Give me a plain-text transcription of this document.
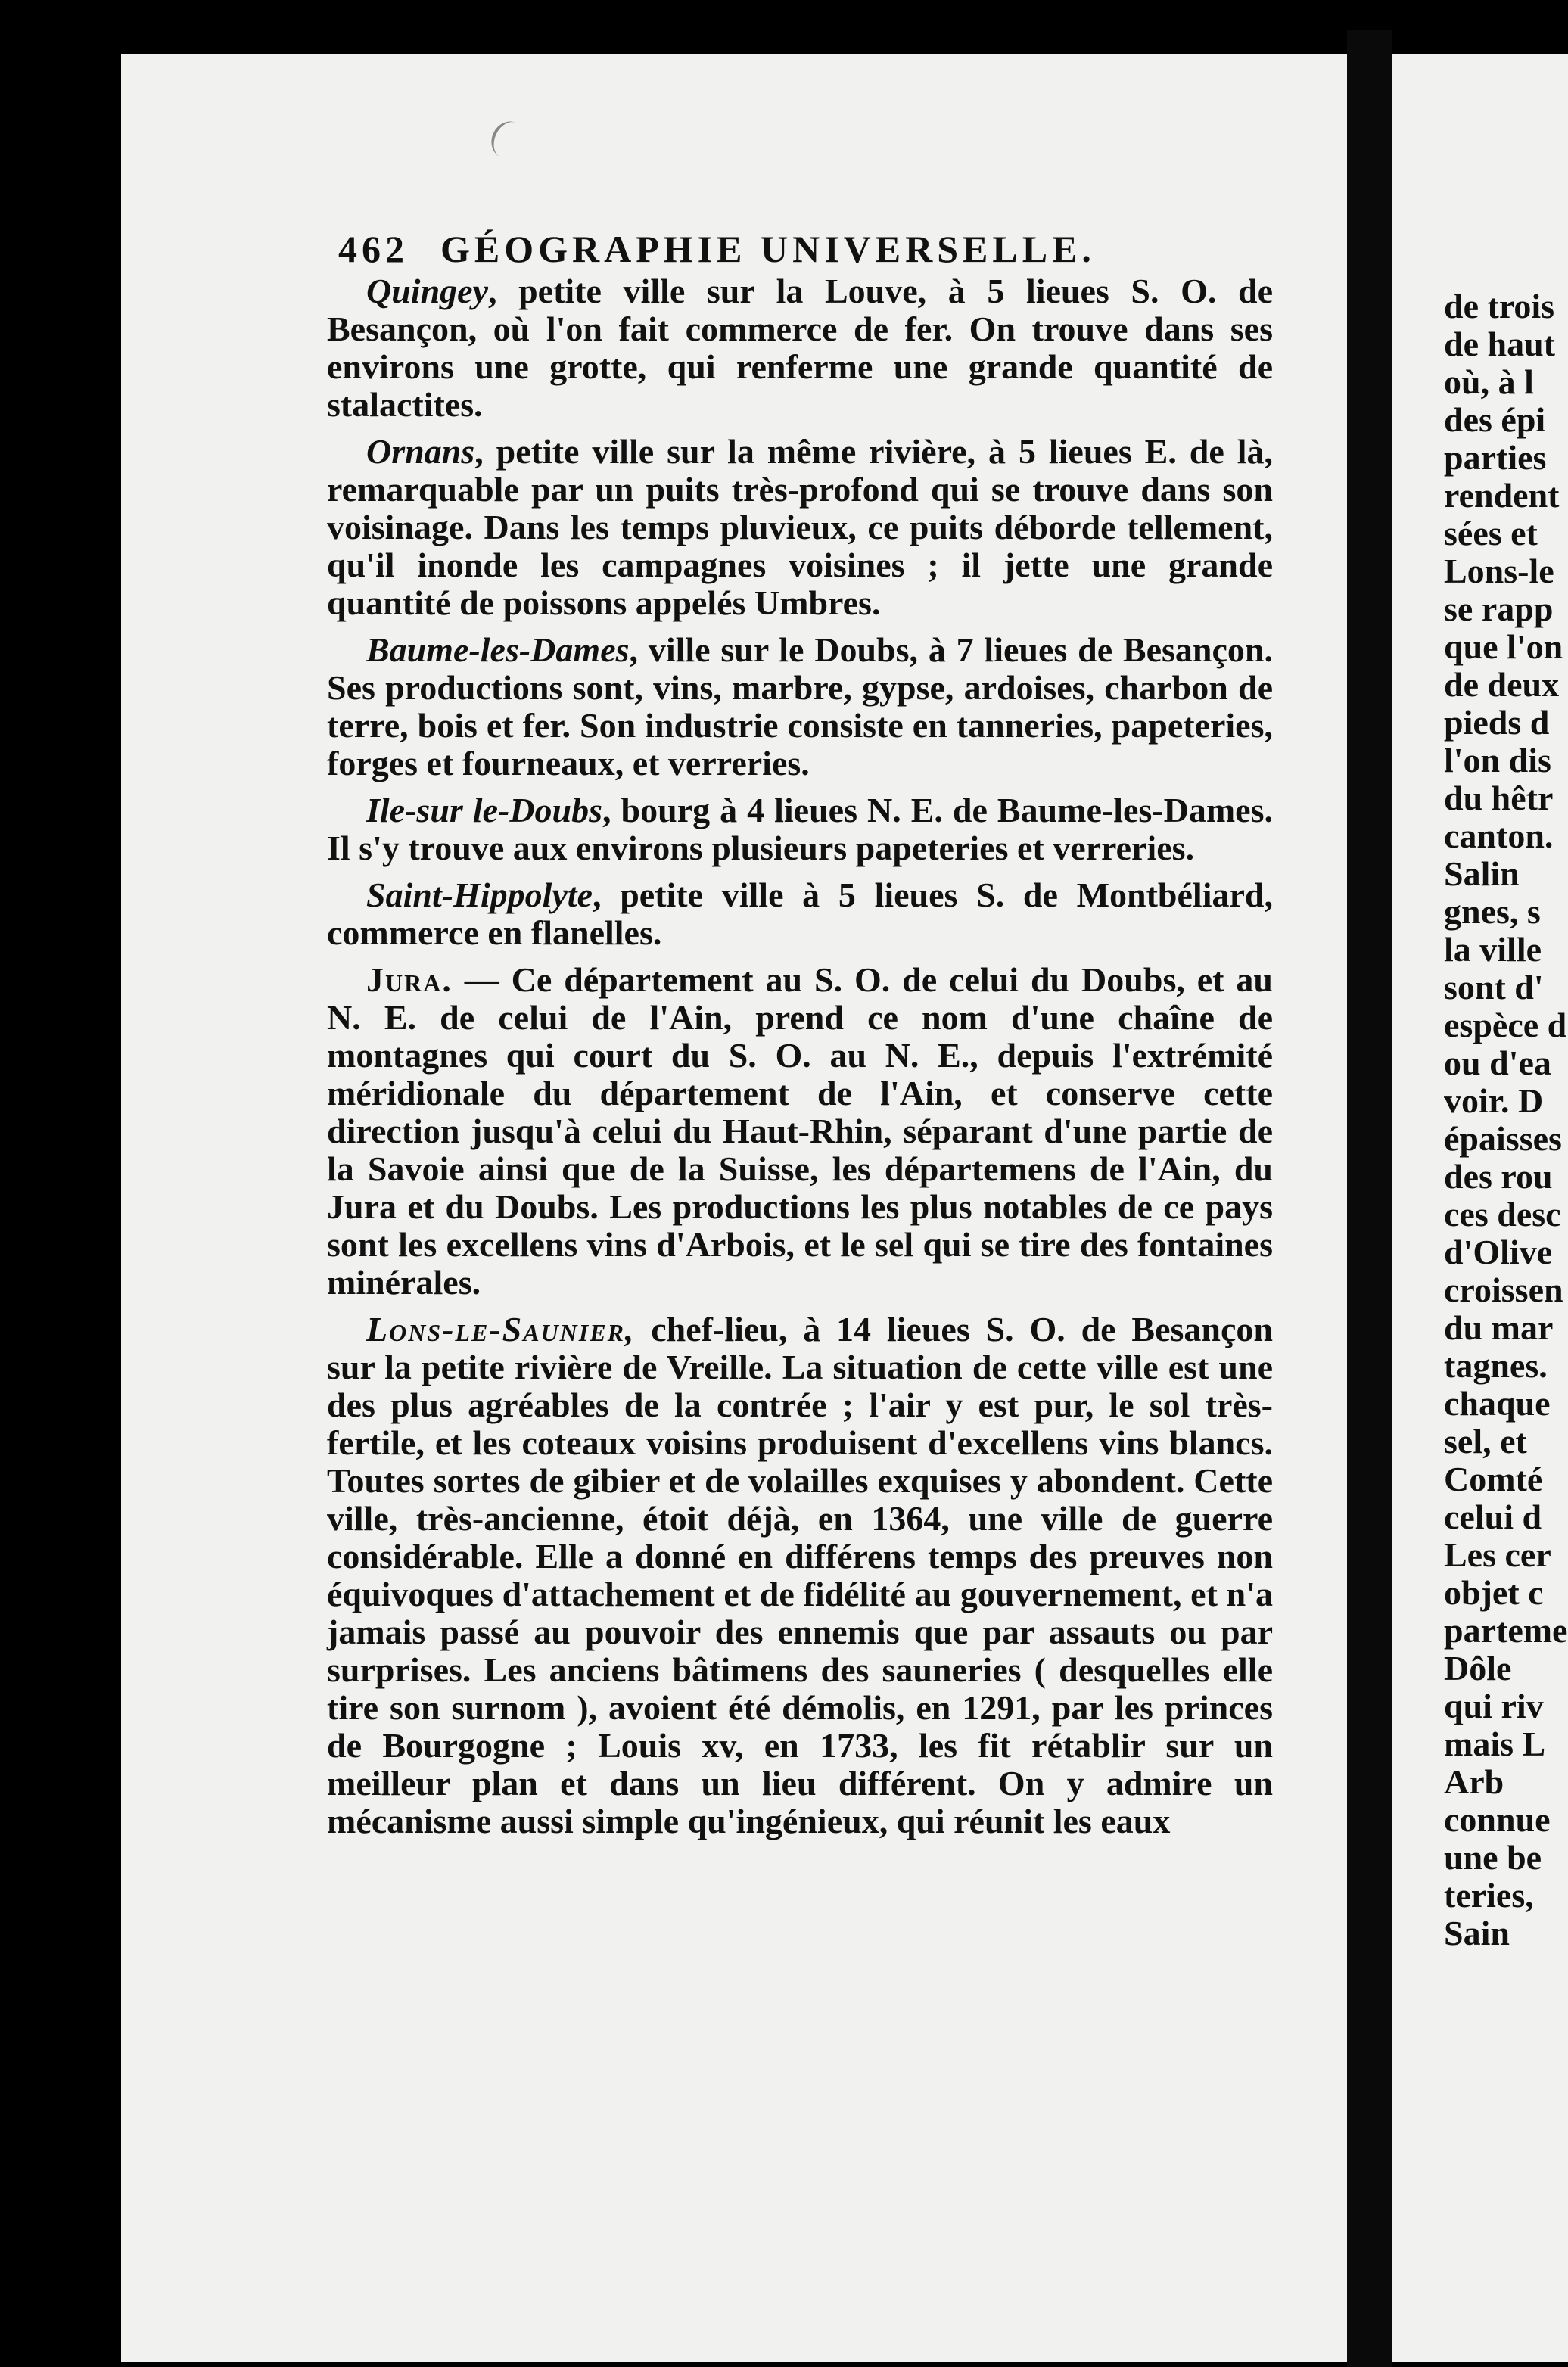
462 GÉOGRAPHIE UNIVERSELLE.

Quingey, petite ville sur la Louve, à 5 lieues S. O. de Besançon, où l'on fait commerce de fer. On trouve dans ses environs une grotte, qui renferme une grande quantité de stalactites.

Ornans, petite ville sur la même rivière, à 5 lieues E. de là, remarquable par un puits très-profond qui se trouve dans son voisinage. Dans les temps pluvieux, ce puits déborde tellement, qu'il inonde les campagnes voisines ; il jette une grande quantité de poissons appelés Umbres.

Baume-les-Dames, ville sur le Doubs, à 7 lieues de Besançon. Ses productions sont, vins, marbre, gypse, ardoises, charbon de terre, bois et fer. Son industrie consiste en tanneries, papeteries, forges et fourneaux, et verreries.

Ile-sur le-Doubs, bourg à 4 lieues N. E. de Baume-les-Dames. Il s'y trouve aux environs plusieurs papeteries et verreries.

Saint-Hippolyte, petite ville à 5 lieues S. de Montbéliard, commerce en flanelles.

Jura. — Ce département au S. O. de celui du Doubs, et au N. E. de celui de l'Ain, prend ce nom d'une chaîne de montagnes qui court du S. O. au N. E., depuis l'extrémité méridionale du département de l'Ain, et conserve cette direction jusqu'à celui du Haut-Rhin, séparant d'une partie de la Savoie ainsi que de la Suisse, les départemens de l'Ain, du Jura et du Doubs. Les productions les plus notables de ce pays sont les excellens vins d'Arbois, et le sel qui se tire des fontaines minérales.

Lons-le-Saunier, chef-lieu, à 14 lieues S. O. de Besançon sur la petite rivière de Vreille. La situation de cette ville est une des plus agréables de la contrée ; l'air y est pur, le sol très-fertile, et les coteaux voisins produisent d'excellens vins blancs. Toutes sortes de gibier et de volailles exquises y abondent. Cette ville, très-ancienne, étoit déjà, en 1364, une ville de guerre considérable. Elle a donné en différens temps des preuves non équivoques d'attachement et de fidélité au gouvernement, et n'a jamais passé au pouvoir des ennemis que par assauts ou par surprises. Les anciens bâtimens des sauneries ( desquelles elle tire son surnom ), avoient été démolis, en 1291, par les princes de Bourgogne ; Louis xv, en 1733, les fit rétablir sur un meilleur plan et dans un lieu différent. On y admire un mécanisme aussi simple qu'ingénieux, qui réunit les eaux

de trois
de haut
où, à l
des épi
parties
rendent
sées et
Lons-le
se rapp
que l'on
de deux
pieds d
l'on dis
du hêtr
canton.
Salin
gnes, s
la ville
sont d'
espèce d
ou d'ea
voir. D
épaisses
des rou
ces desc
d'Olive
croissen
du mar
tagnes.
chaque
sel, et
Comté
celui d
Les cer
objet c
parteme
Dôle
qui riv
mais L
Arb
connue
une be
teries,
Sain
